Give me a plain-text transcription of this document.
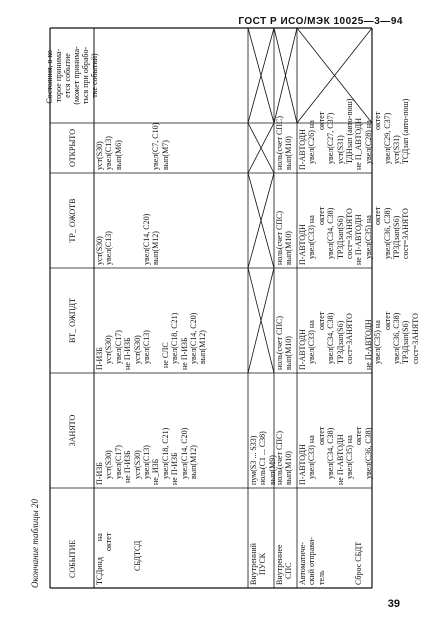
ГОСТ Р ИСО/МЭК 10025—3—94
Окончание таблицы 20	СОБЫТИЕ
ЗАНЯТО
ВТ_ ОЖПДТ
ТР_ ОЖОТВ
ОТКРЫТО
Состояния, в ко-
торое принима-
ется событие
(может принима-
ться при обрабо-
тке событий)
ТСДинд        на
октет

СБДТСД
П-ИЗБ
уст(S30)
увел(С17)
не П-ИЗБ
уст(S30)
увел(С13)
не_ИЗБ
увел(С18, С21)
не П-ИЗБ
увел(С14, С20)
вып(М12)
П-ИЗБ
уст(S30)
увел(С17)
не П-ИЗБ
уст(S30)
увел(С13)

не СЛС
увел(С18, С21)
не П-ИЗБ
увел(С14, С20)
вып(М12)
уст(S30)
увел(С13)

увел(С14, С20)
вып(М12)
уст(S30)
увел(С13)
вып(М6)

увел(С7, С10)
вып(М7)
Внутренний
ПУСК
пум(S3 ... S33)
ноль(С1 ... С38)
вып(М9)
Внутреннее
СПС
ноль(счет СПС)
вып(М10)
ноль(счет СПС)
вып(М10)
ноль(счет СПС)
вып(М10)
ноль(счет СПС)
вып(М10)
Автоматиче-
ский отправи-
тель

Сброс СБДТ
П-АВТОДН
увел(С33) на
октет
увел(С34, С38)
не П-АВТОДН
увел(С35) на
октет
увел(С36, С38)
П-АВТОДН
увел(С33) на
октет
увел(С34, С38)
ТРЗДзап(S6)
сост=ЗАНЯТО

не П-АВТОДН
увел(С35) на
октет
увел(С36, С38)
ТРЗДзап(S6)
сост=ЗАНЯТО
П-АВТОДН
увел(С33) на
октет
увел(С34, С38)
ТРЗДзап(S6)
сост=ЗАНЯТО
не П-АВТОДН
увел(С35) на
октет
увел(С36, С38)
ТРЗДзап(S6)
сост=ЗАНЯТО
П-АВТОДН
увел(С26) на
октет
увел(С27, С37)
уст(S31)
ТДНзап (авто-пош)
не П_АВТОДН
увел(С28) на
октет
увел(С29, С37)
уст(S31)
ТСДзап (авто-пош)
39
